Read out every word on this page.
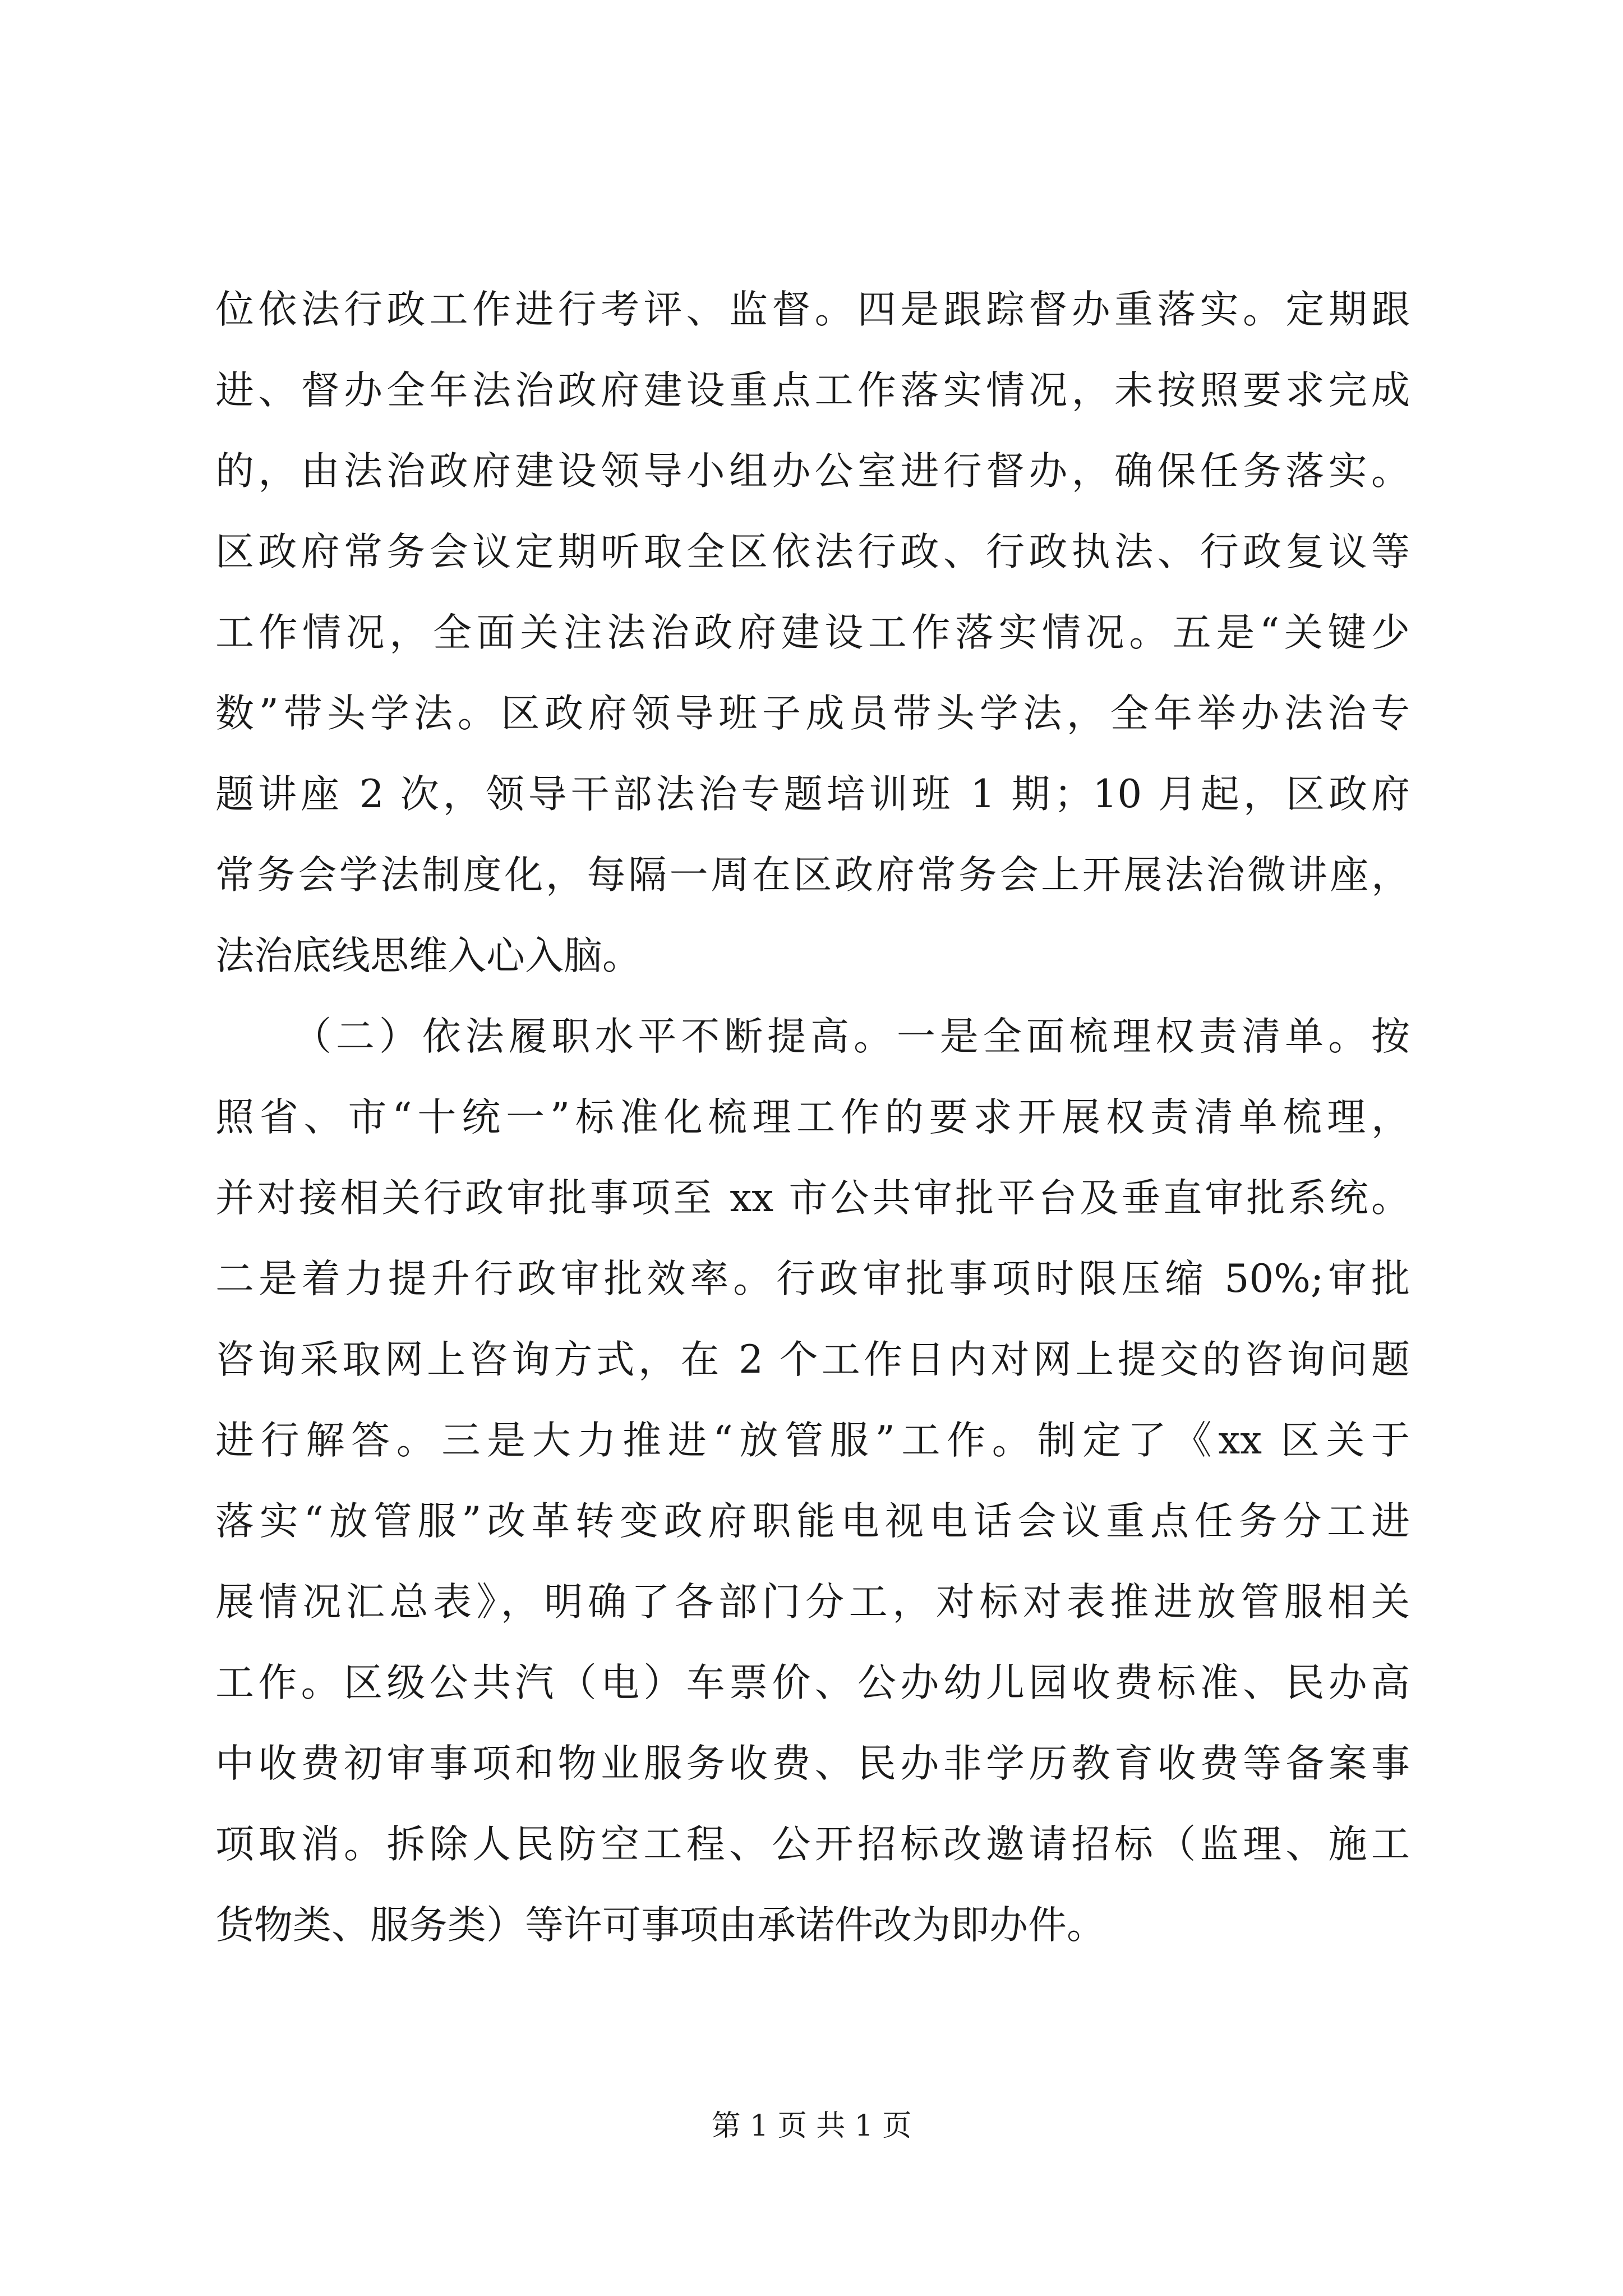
位依法行政工作进行考评、监督。四是跟踪督办重落实。定期跟
进、督办全年法治政府建设重点工作落实情况，未按照要求完成
的，由法治政府建设领导小组办公室进行督办，确保任务落实。
区政府常务会议定期听取全区依法行政、行政执法、行政复议等
工作情况，全面关注法治政府建设工作落实情况。五是“关键少
数”带头学法。区政府领导班子成员带头学法，全年举办法治专
题讲座 2 次，领导干部法治专题培训班 1 期；10 月起，区政府
常务会学法制度化，每隔一周在区政府常务会上开展法治微讲座，
法治底线思维入心入脑。
（二）依法履职水平不断提高。一是全面梳理权责清单。按
照省、市“十统一”标准化梳理工作的要求开展权责清单梳理，
并对接相关行政审批事项至 xx 市公共审批平台及垂直审批系统。
二是着力提升行政审批效率。行政审批事项时限压缩 50%;审批
咨询采取网上咨询方式，在 2 个工作日内对网上提交的咨询问题
进行解答。三是大力推进“放管服”工作。制定了《xx 区关于
落实“放管服”改革转变政府职能电视电话会议重点任务分工进
展情况汇总表》，明确了各部门分工，对标对表推进放管服相关
工作。区级公共汽（电）车票价、公办幼儿园收费标准、民办高
中收费初审事项和物业服务收费、民办非学历教育收费等备案事
项取消。拆除人民防空工程、公开招标改邀请招标（监理、施工
货物类、服务类）等许可事项由承诺件改为即办件。
第 1 页 共 1 页
